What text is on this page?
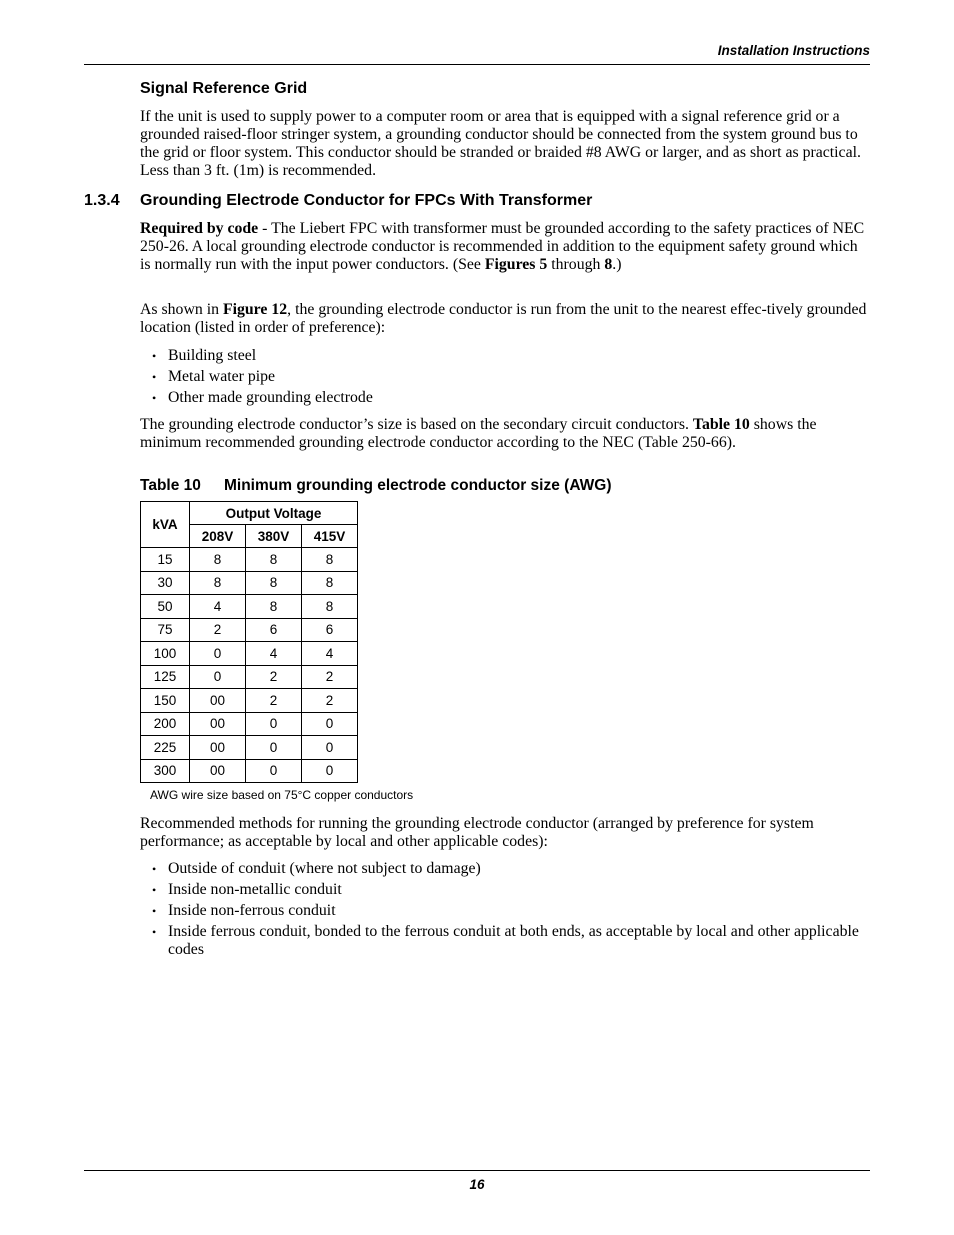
Installation Instructions
Signal Reference Grid

If the unit is used to supply power to a computer room or area that is equipped with a signal reference grid or a grounded raised-floor stringer system, a grounding conductor should be connected from the system ground bus to the grid or floor system. This conductor should be stranded or braided #8 AWG or larger, and as short as practical. Less than 3 ft. (1m) is recommended.

1.3.4 Grounding Electrode Conductor for FPCs With Transformer

Required by code - The Liebert FPC with transformer must be grounded according to the safety practices of NEC 250-26. A local grounding electrode conductor is recommended in addition to the equipment safety ground which is normally run with the input power conductors. (See Figures 5 through 8.)

As shown in Figure 12, the grounding electrode conductor is run from the unit to the nearest effec-tively grounded location (listed in order of preference):

• Building steel
• Metal water pipe
• Other made grounding electrode

The grounding electrode conductor’s size is based on the secondary circuit conductors. Table 10 shows the minimum recommended grounding electrode conductor according to the NEC (Table 250-66).

Table 10 Minimum grounding electrode conductor size (AWG)
kVA	Output Voltage		
	208V	380V	415V
15	8	8	8
30	8	8	8
50	4	8	8
75	2	6	6
100	0	4	4
125	0	2	2
150	00	2	2
200	00	0	0
225	00	0	0
300	00	0	0
AWG wire size based on 75°C copper conductors

Recommended methods for running the grounding electrode conductor (arranged by preference for system performance; as acceptable by local and other applicable codes):

• Outside of conduit (where not subject to damage)
• Inside non-metallic conduit
• Inside non-ferrous conduit
• Inside ferrous conduit, bonded to the ferrous conduit at both ends, as acceptable by local and other applicable codes
16
